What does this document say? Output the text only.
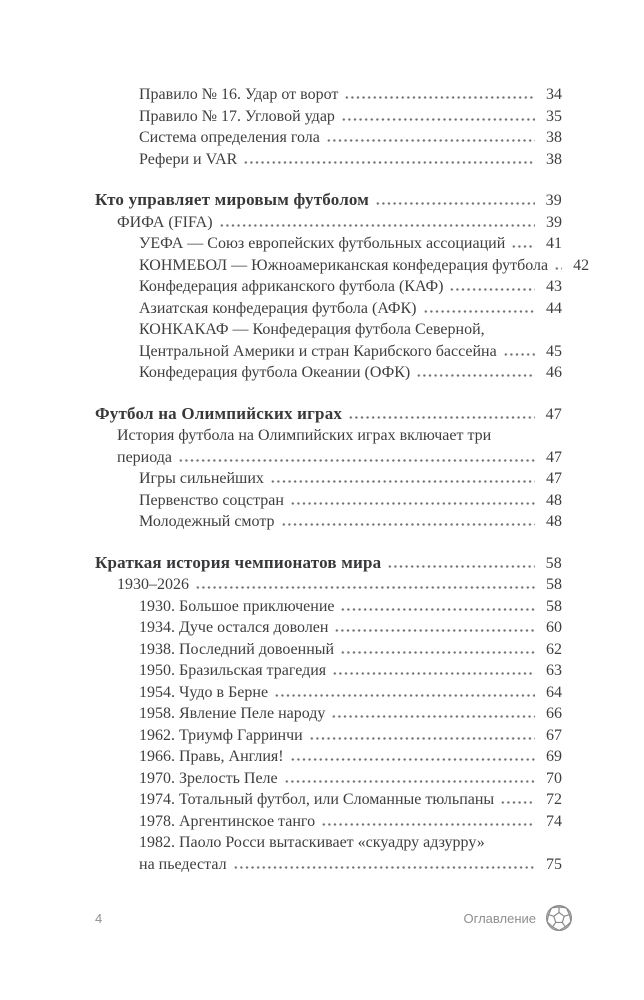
Правило № 16. Удар от ворот	34
Правило № 17. Угловой удар	35
Система определения гола	38
Рефери и VAR	38
Кто управляет мировым футболом	39
ФИФА (FIFA)	39
УЕФА — Союз европейских футбольных ассоциаций	41
КОНМЕБОЛ — Южноамериканская конфедерация футбола	42
Конфедерация африканского футбола (КАФ)	43
Азиатская конфедерация футбола (АФК)	44
КОНКАКАФ — Конфедерация футбола Северной,
Центральной Америки и стран Карибского бассейна	45
Конфедерация футбола Океании (ОФК)	46
Футбол на Олимпийских играх	47
История футбола на Олимпийских играх включает три
периода	47
Игры сильнейших	47
Первенство соцстран	48
Молодежный смотр	48
Краткая история чемпионатов мира	58
1930–2026	58
1930. Большое приключение	58
1934. Дуче остался доволен	60
1938. Последний довоенный	62
1950. Бразильская трагедия	63
1954. Чудо в Берне	64
1958. Явление Пеле народу	66
1962. Триумф Гарринчи	67
1966. Правь, Англия!	69
1970. Зрелость Пеле	70
1974. Тотальный футбол, или Сломанные тюльпаны	72
1978. Аргентинское танго	74
1982. Паоло Росси вытаскивает «скуадру адзурру»
на пьедестал	75
4	Оглавление
